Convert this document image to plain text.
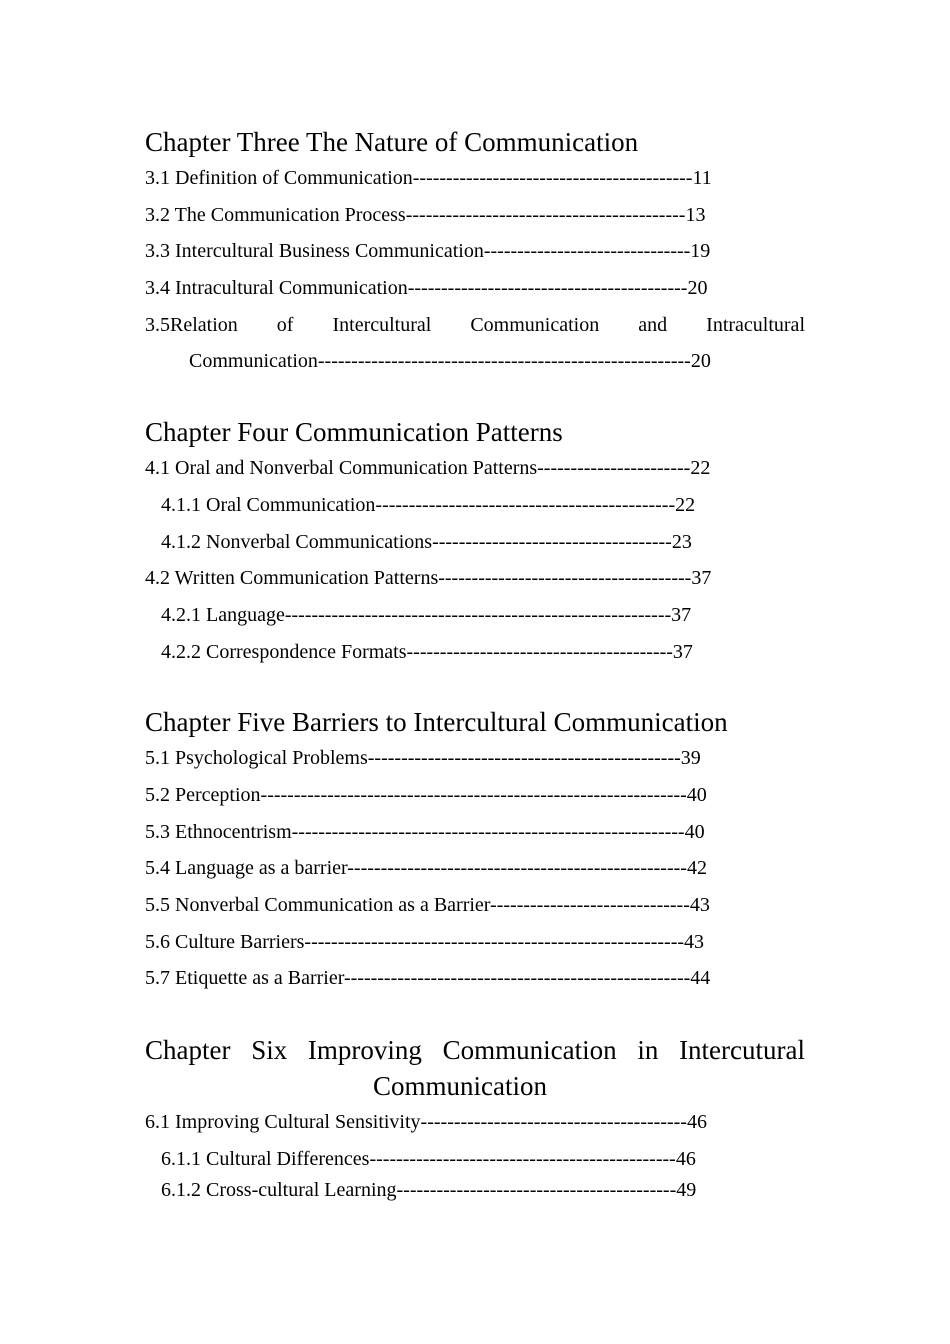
Chapter Three The Nature of Communication

3.1 Definition of Communication------------------------------------------11

3.2 The Communication Process------------------------------------------13

3.3 Intercultural Business Communication-------------------------------19

3.4 Intracultural Communication------------------------------------------20

3.5Relation of Intercultural Communication and Intracultural

Communication--------------------------------------------------------20

Chapter Four Communication Patterns

4.1 Oral and Nonverbal Communication Patterns-----------------------22

4.1.1 Oral Communication---------------------------------------------22

4.1.2 Nonverbal Communications------------------------------------23

4.2 Written Communication Patterns--------------------------------------37

4.2.1 Language----------------------------------------------------------37

4.2.2 Correspondence Formats----------------------------------------37

Chapter Five Barriers to Intercultural Communication

5.1 Psychological Problems-----------------------------------------------39

5.2 Perception----------------------------------------------------------------40

5.3 Ethnocentrism-----------------------------------------------------------40

5.4 Language as a barrier---------------------------------------------------42

5.5 Nonverbal Communication as a Barrier------------------------------43

5.6 Culture Barriers---------------------------------------------------------43

5.7 Etiquette as a Barrier----------------------------------------------------44

Chapter Six Improving Communication in Intercutural

Communication

6.1 Improving Cultural Sensitivity----------------------------------------46

6.1.1 Cultural Differences----------------------------------------------46

6.1.2 Cross-cultural Learning------------------------------------------49
